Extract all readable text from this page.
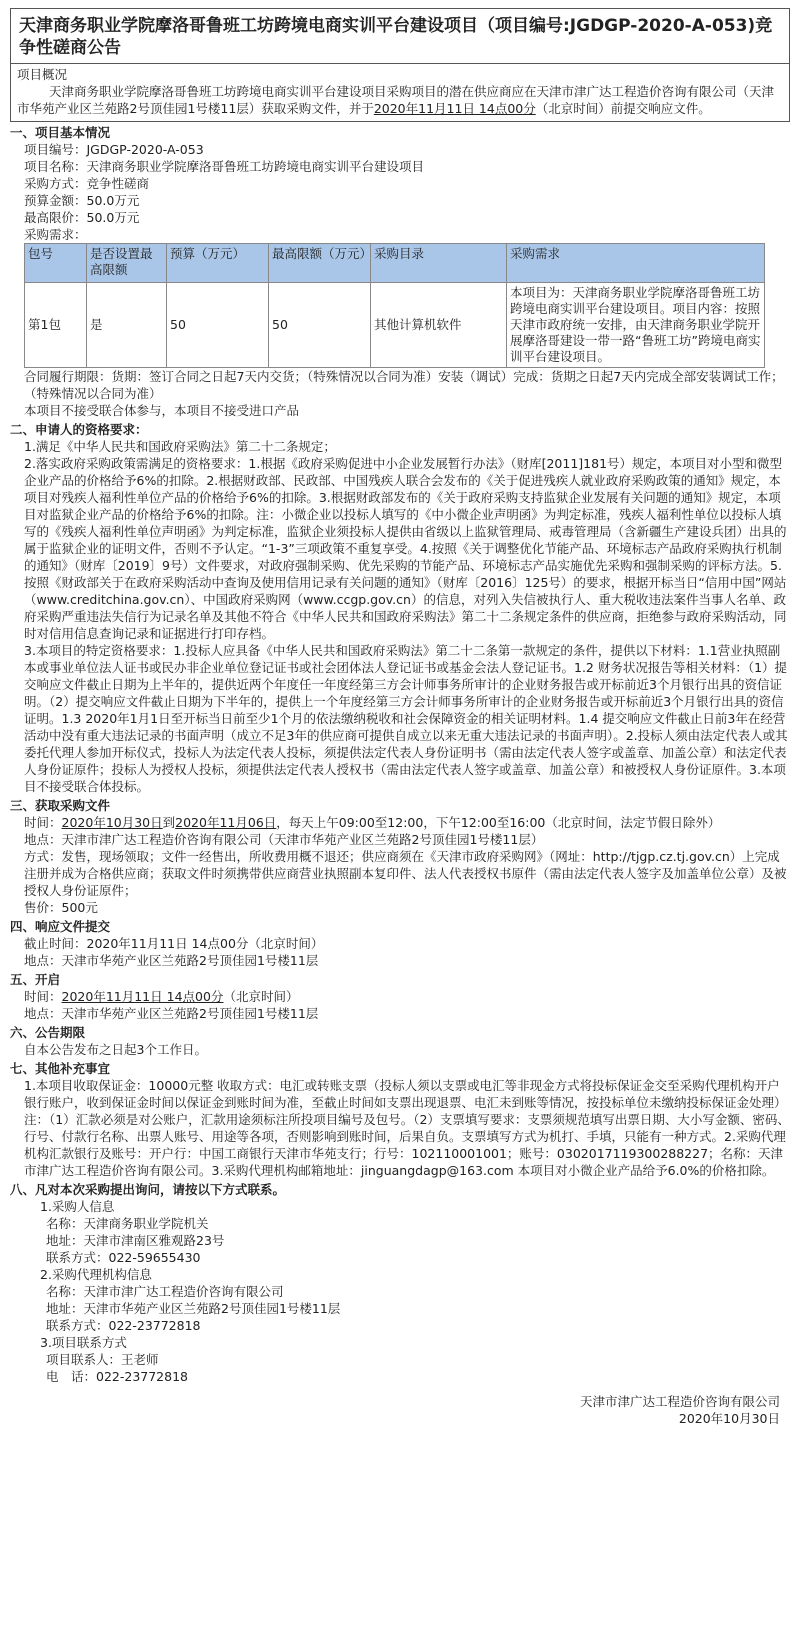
天津商务职业学院摩洛哥鲁班工坊跨境电商实训平台建设项目（项目编号:JGDGP-2020-A-053)竞争性磋商公告
项目概况
天津商务职业学院摩洛哥鲁班工坊跨境电商实训平台建设项目采购项目的潜在供应商应在天津市津广达工程造价咨询有限公司（天津市华苑产业区兰苑路2号顶佳园1号楼11层）获取采购文件，并于2020年11月11日 14点00分（北京时间）前提交响应文件。
一、项目基本情况
项目编号：JGDGP-2020-A-053
项目名称：天津商务职业学院摩洛哥鲁班工坊跨境电商实训平台建设项目
采购方式：竞争性磋商
预算金额：50.0万元
最高限价：50.0万元
采购需求：
包号	是否设置最高限额	预算（万元）	最高限额（万元）	采购目录	采购需求
第1包	是	50	50	其他计算机软件	本项目为：天津商务职业学院摩洛哥鲁班工坊跨境电商实训平台建设项目。项目内容：按照天津市政府统一安排，由天津商务职业学院开展摩洛哥建设一带一路“鲁班工坊”跨境电商实训平台建设项目。
合同履行期限：货期：签订合同之日起7天内交货；（特殊情况以合同为准）安装（调试）完成：货期之日起7天内完成全部安装调试工作；（特殊情况以合同为准）
本项目不接受联合体参与，本项目不接受进口产品
二、申请人的资格要求：
1.满足《中华人民共和国政府采购法》第二十二条规定；
2.落实政府采购政策需满足的资格要求：1.根据《政府采购促进中小企业发展暂行办法》（财库[2011]181号）规定，本项目对小型和微型企业产品的价格给予6%的扣除。2.根据财政部、民政部、中国残疾人联合会发布的《关于促进残疾人就业政府采购政策的通知》规定，本项目对残疾人福利性单位产品的价格给予6%的扣除。3.根据财政部发布的《关于政府采购支持监狱企业发展有关问题的通知》规定，本项目对监狱企业产品的价格给予6%的扣除。注：小微企业以投标人填写的《中小微企业声明函》为判定标准，残疾人福利性单位以投标人填写的《残疾人福利性单位声明函》为判定标准，监狱企业须投标人提供由省级以上监狱管理局、戒毒管理局（含新疆生产建设兵团）出具的属于监狱企业的证明文件，否则不予认定。“1-3”三项政策不重复享受。4.按照《关于调整优化节能产品、环境标志产品政府采购执行机制的通知》（财库〔2019〕9号）文件要求，对政府强制采购、优先采购的节能产品、环境标志产品实施优先采购和强制采购的评标方法。5.按照《财政部关于在政府采购活动中查询及使用信用记录有关问题的通知》（财库〔2016〕125号）的要求，根据开标当日“信用中国”网站（www.creditchina.gov.cn）、中国政府采购网（www.ccgp.gov.cn）的信息，对列入失信被执行人、重大税收违法案件当事人名单、政府采购严重违法失信行为记录名单及其他不符合《中华人民共和国政府采购法》第二十二条规定条件的供应商，拒绝参与政府采购活动，同时对信用信息查询记录和证据进行打印存档。
3.本项目的特定资格要求：1.投标人应具备《中华人民共和国政府采购法》第二十二条第一款规定的条件，提供以下材料：1.1营业执照副本或事业单位法人证书或民办非企业单位登记证书或社会团体法人登记证书或基金会法人登记证书。1.2 财务状况报告等相关材料：（1）提交响应文件截止日期为上半年的，提供近两个年度任一年度经第三方会计师事务所审计的企业财务报告或开标前近3个月银行出具的资信证明。（2）提交响应文件截止日期为下半年的，提供上一个年度经第三方会计师事务所审计的企业财务报告或开标前近3个月银行出具的资信证明。1.3 2020年1月1日至开标当日前至少1个月的依法缴纳税收和社会保障资金的相关证明材料。1.4 提交响应文件截止日前3年在经营活动中没有重大违法记录的书面声明（成立不足3年的供应商可提供自成立以来无重大违法记录的书面声明）。2.投标人须由法定代表人或其委托代理人参加开标仪式，投标人为法定代表人投标，须提供法定代表人身份证明书（需由法定代表人签字或盖章、加盖公章）和法定代表人身份证原件；投标人为授权人投标，须提供法定代表人授权书（需由法定代表人签字或盖章、加盖公章）和被授权人身份证原件。3.本项目不接受联合体投标。
三、获取采购文件
时间：2020年10月30日到2020年11月06日，每天上午09:00至12:00，下午12:00至16:00（北京时间，法定节假日除外）
地点：天津市津广达工程造价咨询有限公司（天津市华苑产业区兰苑路2号顶佳园1号楼11层）
方式：发售，现场领取；文件一经售出，所收费用概不退还；供应商须在《天津市政府采购网》（网址：http://tjgp.cz.tj.gov.cn）上完成注册并成为合格供应商；获取文件时须携带供应商营业执照副本复印件、法人代表授权书原件（需由法定代表人签字及加盖单位公章）及被授权人身份证原件；
售价：500元
四、响应文件提交
截止时间：2020年11月11日 14点00分（北京时间）
地点：天津市华苑产业区兰苑路2号顶佳园1号楼11层
五、开启
时间：2020年11月11日 14点00分（北京时间）
地点：天津市华苑产业区兰苑路2号顶佳园1号楼11层
六、公告期限
自本公告发布之日起3个工作日。
七、其他补充事宜
1.本项目收取保证金：10000元整 收取方式：电汇或转账支票（投标人须以支票或电汇等非现金方式将投标保证金交至采购代理机构开户银行账户，收到保证金时间以保证金到账时间为准，至截止时间如支票出现退票、电汇未到账等情况，按投标单位未缴纳投标保证金处理）注：（1）汇款必须是对公账户，汇款用途须标注所投项目编号及包号。（2）支票填写要求：支票须规范填写出票日期、大小写金额、密码、行号、付款行名称、出票人账号、用途等各项，否则影响到账时间，后果自负。支票填写方式为机打、手填，只能有一种方式。2.采购代理机构汇款银行及账号：开户行：中国工商银行天津市华苑支行；行号：102110001001；账号：0302017119300288227；名称：天津市津广达工程造价咨询有限公司。3.采购代理机构邮箱地址：jinguangdagp@163.com 本项目对小微企业产品给予6.0%的价格扣除。
八、凡对本次采购提出询问，请按以下方式联系。
1.采购人信息
名称：天津商务职业学院机关
地址：天津市津南区雅观路23号
联系方式：022-59655430
2.采购代理机构信息
名称：天津市津广达工程造价咨询有限公司
地址：天津市华苑产业区兰苑路2号顶佳园1号楼11层
联系方式：022-23772818
3.项目联系方式
项目联系人：王老师
电　话：022-23772818
天津市津广达工程造价咨询有限公司
2020年10月30日
